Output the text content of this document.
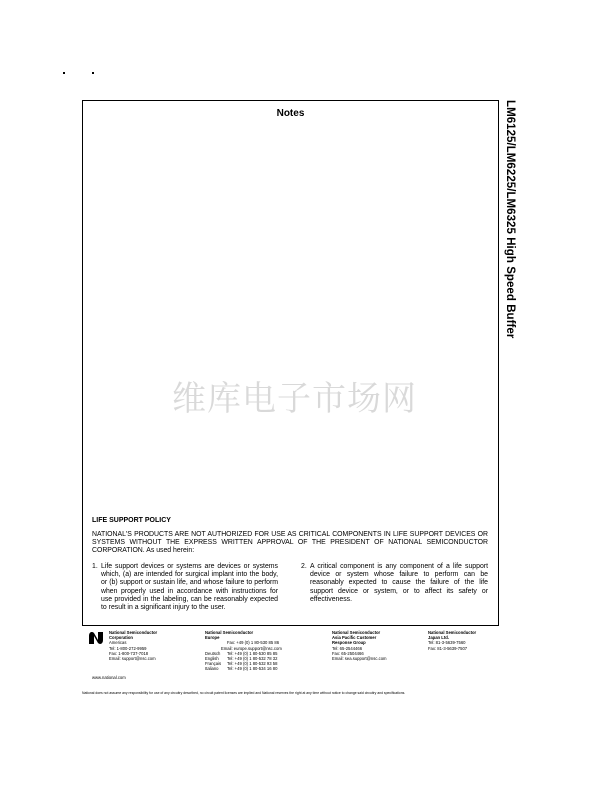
Notes	LM6125/LM6225/LM6325 High Speed Buffer
维库电子市场网
LIFE SUPPORT POLICY
NATIONAL'S PRODUCTS ARE NOT AUTHORIZED FOR USE AS CRITICAL COMPONENTS IN LIFE SUPPORT DEVICES OR SYSTEMS WITHOUT THE EXPRESS WRITTEN APPROVAL OF THE PRESIDENT OF NATIONAL SEMICONDUCTOR CORPORATION. As used herein:
1. Life support devices or systems are devices or systems which, (a) are intended for surgical implant into the body, or (b) support or sustain life, and whose failure to perform when properly used in accordance with instructions for use provided in the labeling, can be reasonably expected to result in a significant injury to the user.
2. A critical component is any component of a life support device or system whose failure to perform can be reasonably expected to cause the failure of the life support device or system, or to affect its safety or effectiveness.
National Semiconductor
Corporation
Americas
Tel: 1-800-272-9959
Fax: 1-800-737-7018
Email: support@nsc.com
www.national.com
National Semiconductor
Europe
Fax: +49 (0) 1 80-530 85 86
Email: europe.support@nsc.com
Deutsch	Tel: +49 (0) 1 80-530 85 85
English	Tel: +49 (0) 1 80-532 78 32
Français	Tel: +49 (0) 1 80-532 93 58
Italiano	Tel: +49 (0) 1 80-534 16 80
National Semiconductor
Asia Pacific Customer
Response Group
Tel: 65-2544466
Fax: 65-2504466
Email: sea.support@nsc.com
National Semiconductor
Japan Ltd.
Tel: 81-3-5639-7560
Fax: 81-3-5639-7507
National does not assume any responsibility for use of any circuitry described, no circuit patent licenses are implied and National reserves the right at any time without notice to change said circuitry and specifications.
